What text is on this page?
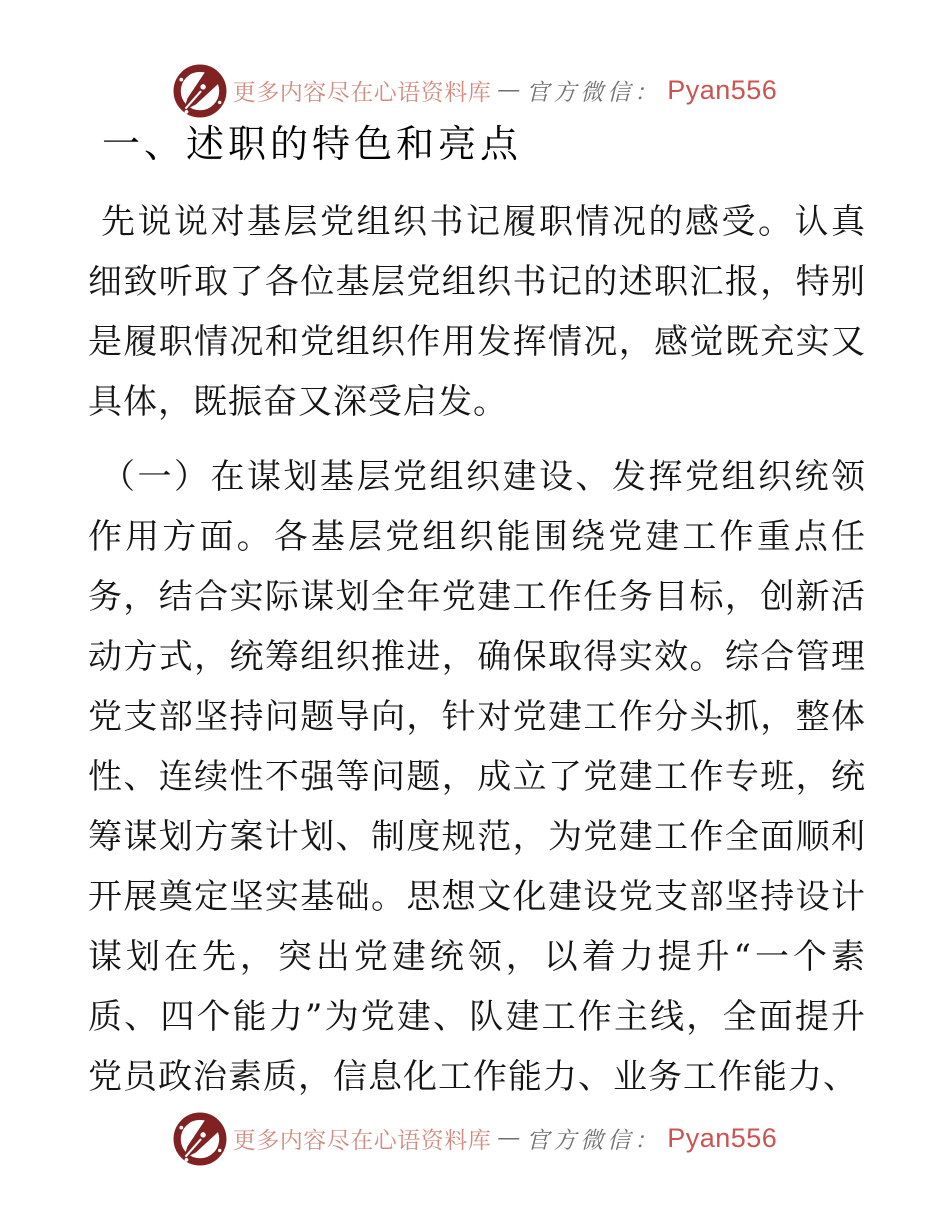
更多内容尽在心语资料库 — 官方微信： Pyan556
一、述职的特色和亮点

先说说对基层党组织书记履职情况的感受。认真细致听取了各位基层党组织书记的述职汇报，特别是履职情况和党组织作用发挥情况，感觉既充实又具体，既振奋又深受启发。

（一）在谋划基层党组织建设、发挥党组织统领作用方面。各基层党组织能围绕党建工作重点任务，结合实际谋划全年党建工作任务目标，创新活动方式，统筹组织推进，确保取得实效。综合管理党支部坚持问题导向，针对党建工作分头抓，整体性、连续性不强等问题，成立了党建工作专班，统筹谋划方案计划、制度规范，为党建工作全面顺利开展奠定坚实基础。思想文化建设党支部坚持设计谋划在先，突出党建统领，以着力提升“一个素质、四个能力”为党建、队建工作主线，全面提升党员政治素质，信息化工作能力、业务工作能力、

更多内容尽在心语资料库 — 官方微信： Pyan556
